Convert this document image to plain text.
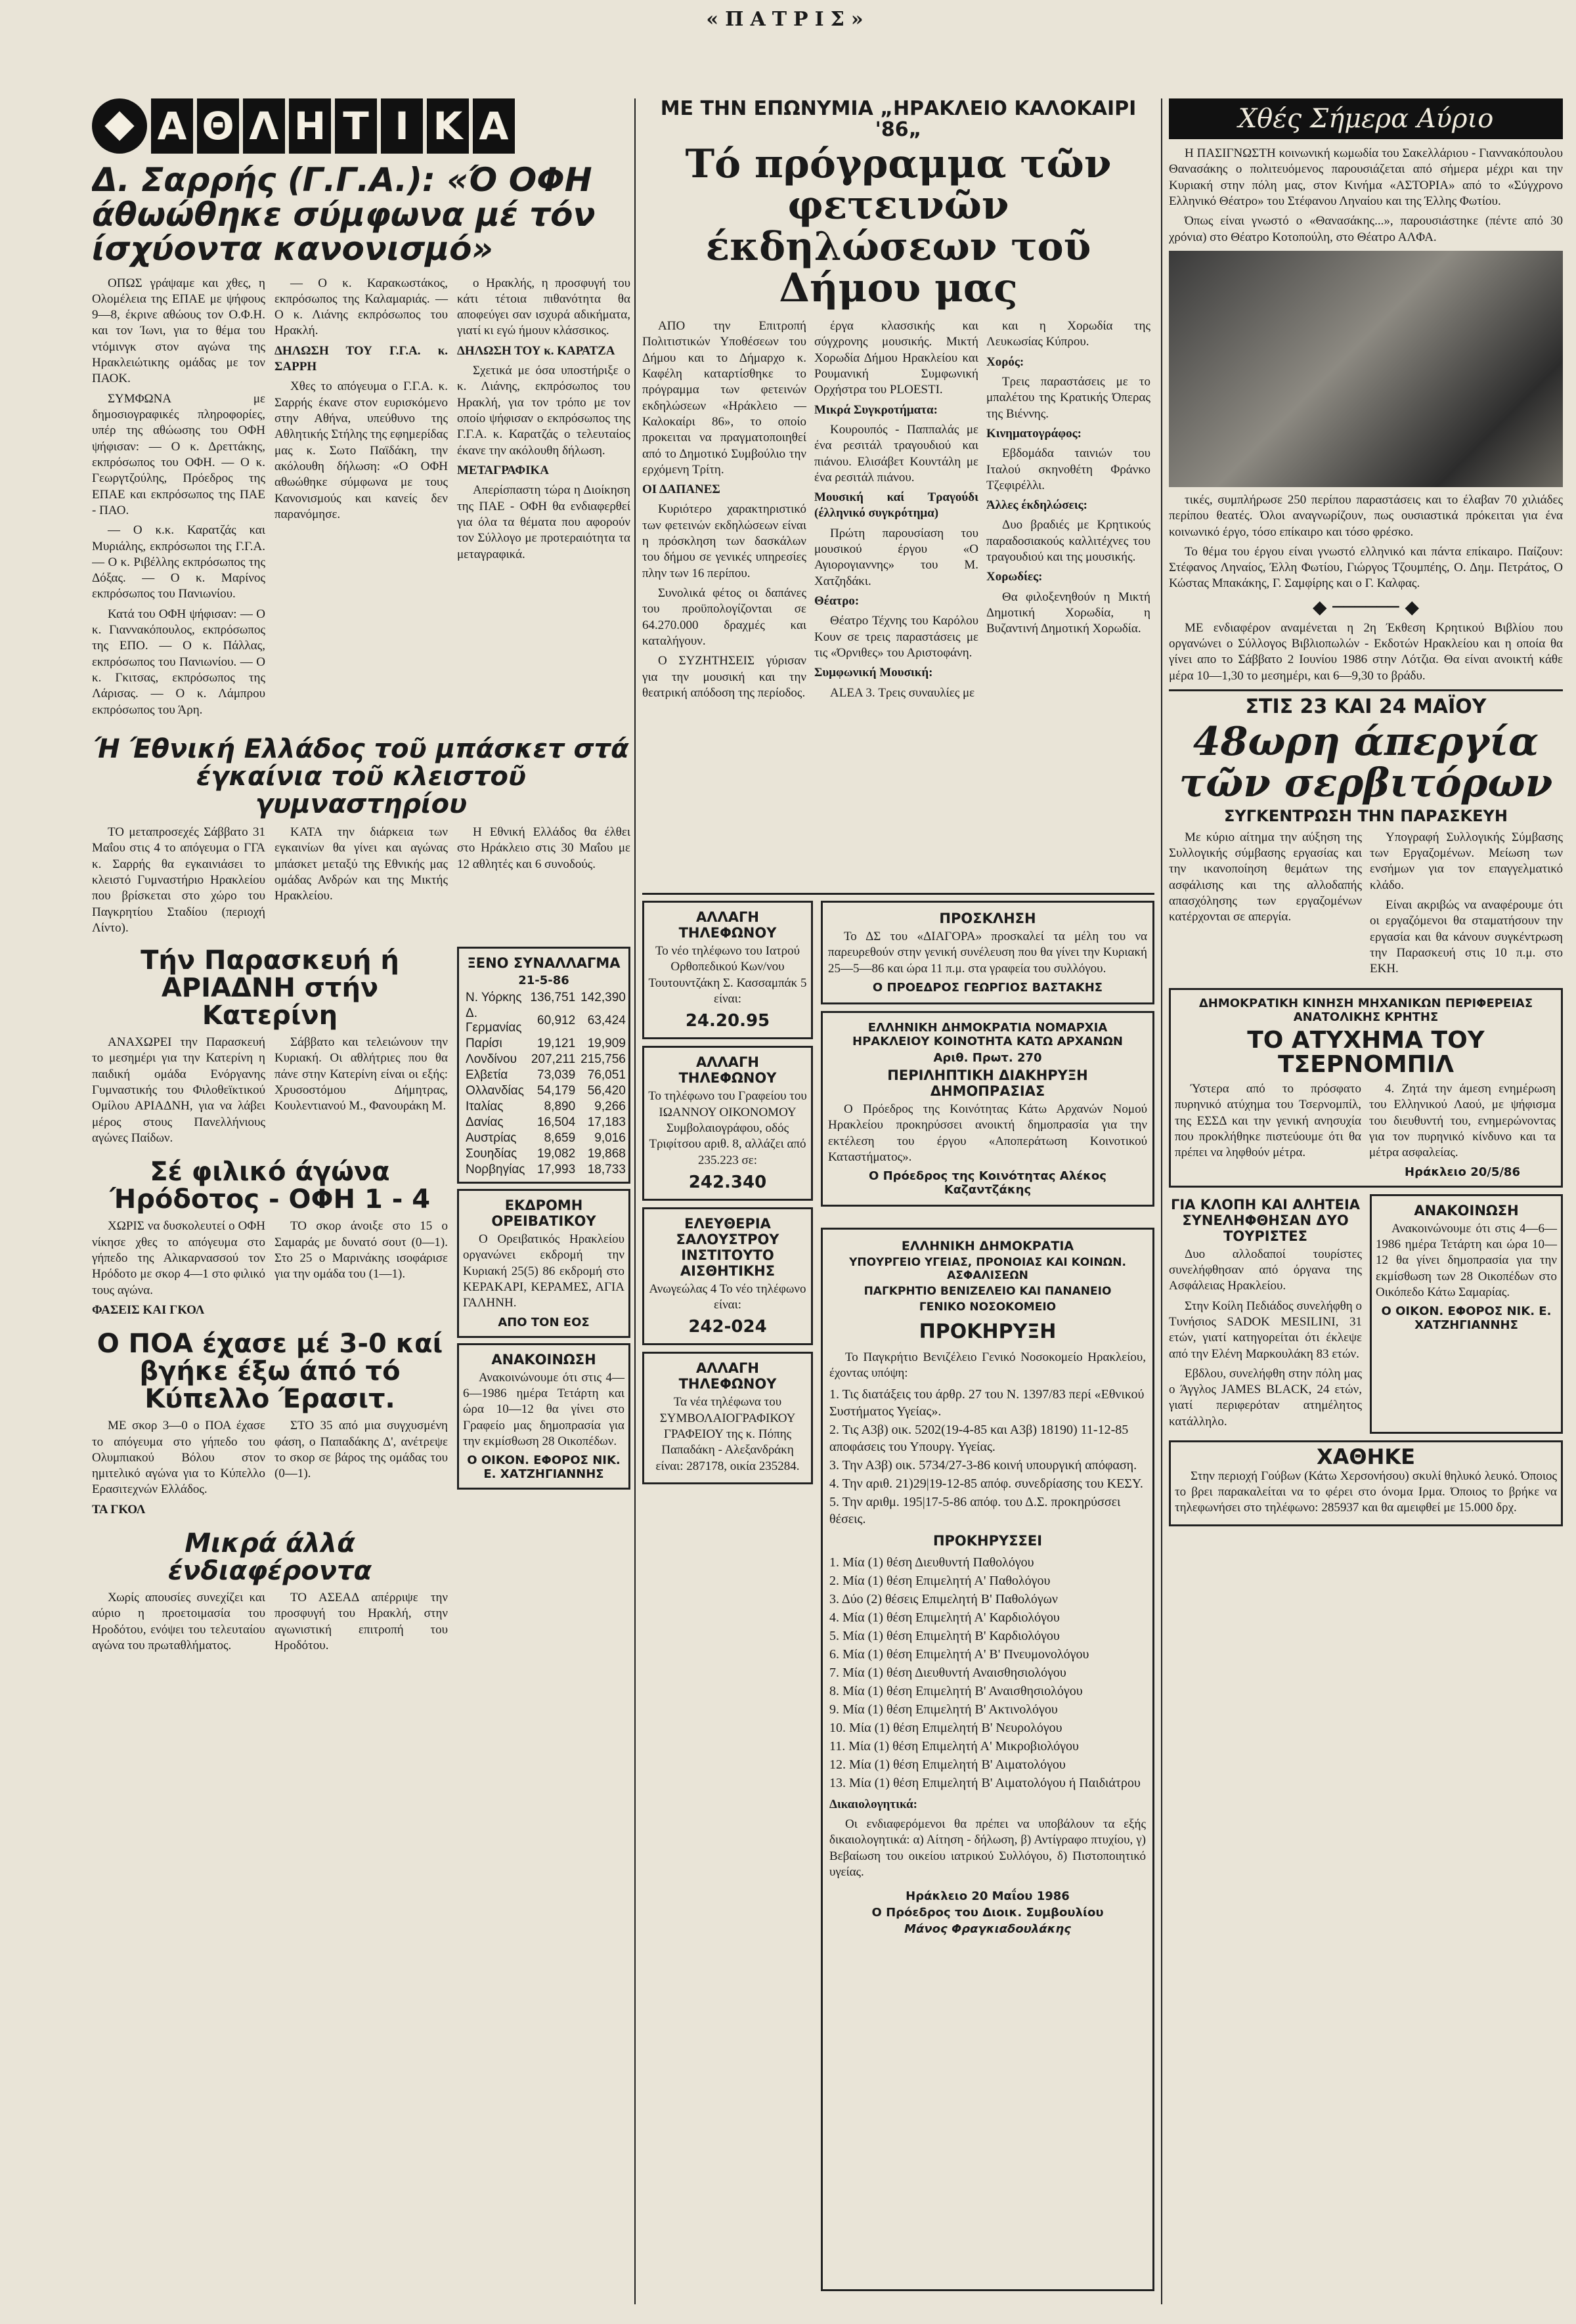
«ΠΑΤΡΙΣ»
Α Θ Λ Η Τ Ι Κ Α
Δ. Σαρρής (Γ.Γ.Α.): «Ό ΟΦΗ άθωώθηκε σύμφωνα μέ τόν ίσχύοντα κανονισμό»

ΟΠΩΣ γράψαμε και χθες, η Ολομέλεια της ΕΠΑΕ με ψήφους 9—8, έκρινε αθώους τον Ο.Φ.Η. και τον Ίωνι, για το θέμα του ντόμινγκ στον αγώνα της Ηρακλειώτικης ομάδας με τον ΠΑΟΚ.

ΣΥΜΦΩΝΑ με δημοσιογραφικές πληροφορίες, υπέρ της αθώωσης του ΟΦΗ ψήφισαν: — Ο κ. Δρεττάκης, εκπρόσωπος του ΟΦΗ. — Ο κ. Γεωργτζούλης, Πρόεδρος της ΕΠΑΕ και εκπρόσωπος της ΠΑΕ - ΠΑΟ.

— Ο κ.κ. Καρατζάς και Μυριάλης, εκπρόσωποι της Γ.Γ.Α. — Ο κ. Ριβέλλης εκπρόσωπος της Δόξας. — Ο κ. Μαρίνος εκπρόσωπος του Πανιωνίου.

Κατά του ΟΦΗ ψήφισαν: — Ο κ. Γιαννακόπουλος, εκπρόσωπος της ΕΠΟ. — Ο κ. Πάλλας, εκπρόσωπος του Πανιωνίου. — Ο κ. Γκιτσας, εκπρόσωπος της Λάρισας. — Ο κ. Λάμπρου εκπρόσωπος του Άρη.

— Ο κ. Καρακωστάκος, εκπρόσωπος της Καλαμαριάς. — Ο κ. Λιάνης εκπρόσωπος του Ηρακλή.

ΔΗΛΩΣΗ ΤΟΥ Γ.Γ.Α. κ. ΣΑΡΡΗ

Χθες το απόγευμα ο Γ.Γ.Α. κ. Σαρρής έκανε στον ευρισκόμενο στην Αθήνα, υπεύθυνο της Αθλητικής Στήλης της εφημερίδας μας κ. Σωτο Παϊδάκη, την ακόλουθη δήλωση: «Ο ΟΦΗ αθωώθηκε σύμφωνα με τους Κανονισμούς και κανείς δεν παρανόμησε.

ο Ηρακλής, η προσφυγή του κάτι τέτοια πιθανότητα θα αποφεύγει σαν ισχυρά αδικήματα, γιατί κι εγώ ήμουν κλάσσικος.

ΔΗΛΩΣΗ ΤΟΥ κ. ΚΑΡΑΤΖΑ

Σχετικά με όσα υποστήριξε ο κ. Λιάνης, εκπρόσωπος του Ηρακλή, για τον τρόπο με τον οποίο ψήφισαν ο εκπρόσωπος της Γ.Γ.Α. κ. Καρατζάς ο τελευταίος έκανε την ακόλουθη δήλωση.

ΜΕΤΑΓΡΑΦΙΚΑ

Απερίσπαστη τώρα η Διοίκηση της ΠΑΕ - ΟΦΗ θα ενδιαφερθεί για όλα τα θέματα που αφορούν τον Σύλλογο με προτεραιότητα τα μεταγραφικά.

Ή Έθνική Ελλάδος τοῦ μπάσκετ στά έγκαίνια τοῦ κλειστοῦ γυμναστηρίου

ΤΟ μεταπροσεχές Σάββατο 31 Μαΐου στις 4 το απόγευμα ο ΓΓΑ κ. Σαρρής θα εγκαινιάσει το κλειστό Γυμναστήριο Ηρακλείου που βρίσκεται στο χώρο του Παγκρητίου Σταδίου (περιοχή Λίντο).

ΚΑΤΑ την διάρκεια των εγκαινίων θα γίνει και αγώνας μπάσκετ μεταξύ της Εθνικής μας ομάδας Ανδρών και της Μικτής Ηρακλείου.

Η Εθνική Ελλάδος θα έλθει στο Ηράκλειο στις 30 Μαΐου με 12 αθλητές και 6 συνοδούς.

Τήν Παρασκευή ή ΑΡΙΑΔΝΗ στήν Κατερίνη

ΑΝΑΧΩΡΕΙ την Παρασκευή το μεσημέρι για την Κατερίνη η παιδική ομάδα Ενόργανης Γυμναστικής του Φιλοθεϊκτικού Ομίλου ΑΡΙΑΔΝΗ, για να λάβει μέρος στους Πανελλήνιους αγώνες Παίδων.

Σάββατο και τελειώνουν την Κυριακή. Οι αθλήτριες που θα πάνε στην Κατερίνη είναι οι εξής: Χρυσοστόμου Δήμητρας, Κουλεντιανού Μ., Φανουράκη Μ.

Σέ φιλικό άγώνα Ήρόδοτος - ΟΦΗ 1 - 4

ΧΩΡΙΣ να δυσκολευτεί ο ΟΦΗ νίκησε χθες το απόγευμα στο γήπεδο της Αλικαρνασσού τον Ηρόδοτο με σκορ 4—1 στο φιλικό τους αγώνα.

ΦΑΣΕΙΣ ΚΑΙ ΓΚΟΛ

ΤΟ σκορ άνοιξε στο 15 ο Σαμαράς με δυνατό σουτ (0—1). Στο 25 ο Μαρινάκης ισοφάρισε για την ομάδα του (1—1).

Ο ΠΟΑ έχασε μέ 3-0 καί βγήκε έξω άπό τό Κύπελλο Έρασιτ.

ΜΕ σκορ 3—0 ο ΠΟΑ έχασε το απόγευμα στο γήπεδο του Ολυμπιακού Βόλου στον ημιτελικό αγώνα για το Κύπελλο Ερασιτεχνών Ελλάδος.

ΤΑ ΓΚΟΛ

ΣΤΟ 35 από μια συγχυσμένη φάση, ο Παπαδάκης Δ', ανέτρεψε το σκορ σε βάρος της ομάδας του (0—1).

Μικρά άλλά ένδιαφέροντα

Χωρίς απουσίες συνεχίζει και αύριο η προετοιμασία του Ηροδότου, ενόψει του τελευταίου αγώνα του πρωταθλήματος.

ΤΟ ΑΣΕΑΔ απέρριψε την προσφυγή του Ηρακλή, στην αγωνιστική επιτροπή του Ηροδότου.

ΞΕΝΟ ΣΥΝΑΛΛΑΓΜΑ
21-5-86
Ν. Υόρκης	136,751	142,390
Δ. Γερμανίας	60,912	63,424
Παρίσι	19,121	19,909
Λονδίνου	207,211	215,756
Ελβετία	73,039	76,051
Ολλανδίας	54,179	56,420
Ιταλίας	8,890	9,266
Δανίας	16,504	17,183
Αυστρίας	8,659	9,016
Σουηδίας	19,082	19,868
Νορβηγίας	17,993	18,733
ΕΚΔΡΟΜΗ ΟΡΕΙΒΑΤΙΚΟΥ

Ο Ορειβατικός Ηρακλείου οργανώνει εκδρομή την Κυριακή 25(5) 86 εκδρομή στο ΚΕΡΑΚΑΡΙ, ΚΕΡΑΜΕΣ, ΑΓΙΑ ΓΑΛΗΝΗ.

ΑΠΟ ΤΟΝ ΕΟΣ
ΑΝΑΚΟΙΝΩΣΗ

Ανακοινώνουμε ότι στις 4—6—1986 ημέρα Τετάρτη και ώρα 10—12 θα γίνει στο Γραφείο μας δημοπρασία για την εκμίσθωση 28 Οικοπέδων.

Ο ΟΙΚΟΝ. ΕΦΟΡΟΣ ΝΙΚ. Ε. ΧΑΤΖΗΓΙΑΝΝΗΣ
ΜΕ ΤΗΝ ΕΠΩΝΥΜΙΑ „ΗΡΑΚΛΕΙΟ ΚΑΛΟΚΑΙΡΙ '86„
Τό πρόγραμμα τῶν φετεινῶν έκδηλώσεων τοῦ Δήμου μας

ΑΠΟ την Επιτροπή Πολιτιστικών Υποθέσεων του Δήμου και το Δήμαρχο κ. Καφέλη καταρτίσθηκε το πρόγραμμα των φετεινών εκδηλώσεων «Ηράκλειο — Καλοκαίρι 86», το οποίο προκειται να πραγματοποιηθεί από το Δημοτικό Συμβούλιο την ερχόμενη Τρίτη.

ΟΙ ΔΑΠΑΝΕΣ

Κυριότερο χαρακτηριστικό των φετεινών εκδηλώσεων είναι η πρόσκληση των δασκάλων του δήμου σε γενικές υπηρεσίες πλην των 16 περίπου.

Συνολικά φέτος οι δαπάνες του προϋπολογίζονται σε 64.270.000 δραχμές και καταλήγουν.

Ο ΣΥΖΗΤΗΣΕΙΣ γύρισαν για την μουσική και την θεατρική απόδοση της περίοδος.

έργα κλασσικής και σύγχρονης μουσικής. Μικτή Χορωδία Δήμου Ηρακλείου και Ρουμανική Συμφωνική Ορχήστρα του PLOESTI.

Μικρά Συγκροτήματα:

Κουρουπός - Παππαλάς με ένα ρεσιτάλ τραγουδιού και πιάνου. Ελισάβετ Κουντάλη με ένα ρεσιτάλ πιάνου.

Μουσική καί Τραγούδι (έλληνικό συγκρότημα)

Πρώτη παρουσίαση του μουσικού έργου «Ο Αγιορογιαννης» του Μ. Χατζηδάκι.

Θέατρο:

Θέατρο Τέχνης του Καρόλου Κουν σε τρεις παραστάσεις με τις «Όρνιθες» του Αριστοφάνη.

Συμφωνική Μουσική:

ALEA 3. Τρεις συναυλίες με

και η Χορωδία της Λευκωσίας Κύπρου.

Χορός:

Τρεις παραστάσεις με το μπαλέτου της Κρατικής Όπερας της Βιέννης.

Κινηματογράφος:

Εβδομάδα ταινιών του Ιταλού σκηνοθέτη Φράνκο Τζεφιρέλλι.

Άλλες έκδηλώσεις:

Δυο βραδιές με Κρητικούς παραδοσιακούς καλλιτέχνες του τραγουδιού και της μουσικής.

Χορωδίες:

Θα φιλοξενηθούν η Μικτή Δημοτική Χορωδία, η Βυζαντινή Δημοτική Χορωδία.

ΑΛΛΑΓΗ ΤΗΛΕΦΩΝΟΥ

Το νέο τηλέφωνο του Ιατρού Ορθοπεδικού Κων/νου Τουτουντζάκη Σ. Κασσαμπάκ 5 είναι:

24.20.95
ΑΛΛΑΓΗ ΤΗΛΕΦΩΝΟΥ

Το τηλέφωνο του Γραφείου του ΙΩΑΝΝΟΥ ΟΙΚΟΝΟΜΟΥ Συμβολαιογράφου, οδός Τριφίτσου αριθ. 8, αλλάζει από 235.223 σε:

242.340
ΕΛΕΥΘΕΡΙΑ ΣΑΛΟΥΣΤΡΟΥ ΙΝΣΤΙΤΟΥΤΟ ΑΙΣΘΗΤΙΚΗΣ

Ανωγεώλας 4 Το νέο τηλέφωνο είναι:

242-024
ΑΛΛΑΓΗ ΤΗΛΕΦΩΝΟΥ

Τα νέα τηλέφωνα του ΣΥΜΒΟΛΑΙΟΓΡΑΦΙΚΟΥ ΓΡΑΦΕΙΟΥ της κ. Πόπης Παπαδάκη - Αλεξανδράκη είναι: 287178, οικία 235284.

ΠΡΟΣΚΛΗΣΗ

Το ΔΣ του «ΔΙΑΓΟΡΑ» προσκαλεί τα μέλη του να παρευρεθούν στην γενική συνέλευση που θα γίνει την Κυριακή 25—5—86 και ώρα 11 π.μ. στα γραφεία του συλλόγου.

Ο ΠΡΟΕΔΡΟΣ ΓΕΩΡΓΙΟΣ ΒΑΣΤΑΚΗΣ
ΕΛΛΗΝΙΚΗ ΔΗΜΟΚΡΑΤΙΑ ΝΟΜΑΡΧΙΑ ΗΡΑΚΛΕΙΟΥ ΚΟΙΝΟΤΗΤΑ ΚΑΤΩ ΑΡΧΑΝΩΝ
Αριθ. Πρωτ. 270
ΠΕΡΙΛΗΠΤΙΚΗ ΔΙΑΚΗΡΥΞΗ ΔΗΜΟΠΡΑΣΙΑΣ

Ο Πρόεδρος της Κοινότητας Κάτω Αρχανών Νομού Ηρακλείου προκηρύσσει ανοικτή δημοπρασία για την εκτέλεση του έργου «Αποπεράτωση Κοινοτικού Καταστήματος».

Ο Πρόεδρος της Κοινότητας Αλέκος Καζαντζάκης
ΕΛΛΗΝΙΚΗ ΔΗΜΟΚΡΑΤΙΑ
ΥΠΟΥΡΓΕΙΟ ΥΓΕΙΑΣ, ΠΡΟΝΟΙΑΣ ΚΑΙ ΚΟΙΝΩΝ. ΑΣΦΑΛΙΣΕΩΝ
ΠΑΓΚΡΗΤΙΟ ΒΕΝΙΖΕΛΕΙΟ ΚΑΙ ΠΑΝΑΝΕΙΟ
ΓΕΝΙΚΟ ΝΟΣΟΚΟΜΕΙΟ
ΠΡΟΚΗΡΥΞΗ

Το Παγκρήτιο Βενιζέλειο Γενικό Νοσοκομείο Ηρακλείου, έχοντας υπόψη:

1. Τις διατάξεις του άρθρ. 27 του Ν. 1397/83 περί «Εθνικού Συστήματος Υγείας».
2. Τις Α3β) οικ. 5202(19-4-85 και Α3β) 18190) 11-12-85 αποφάσεις του Υπουργ. Υγείας.
3. Την Α3β) οικ. 5734/27-3-86 κοινή υπουργική απόφαση.
4. Την αριθ. 21)29|19-12-85 απόφ. συνεδρίασης του ΚΕΣΥ.
5. Την αριθμ. 195|17-5-86 απόφ. του Δ.Σ. προκηρύσσει θέσεις.
ΠΡΟΚΗΡΥΣΣΕΙ
1. Μία (1) θέση Διευθυντή Παθολόγου
2. Μία (1) θέση Επιμελητή Α' Παθολόγου
3. Δύο (2) θέσεις Επιμελητή Β' Παθολόγων
4. Μία (1) θέση Επιμελητή Α' Καρδιολόγου
5. Μία (1) θέση Επιμελητή Β' Καρδιολόγου
6. Μία (1) θέση Επιμελητή Α' Β' Πνευμονολόγου
7. Μία (1) θέση Διευθυντή Αναισθησιολόγου
8. Μία (1) θέση Επιμελητή Β' Αναισθησιολόγου
9. Μία (1) θέση Επιμελητή Β' Ακτινολόγου
10. Μία (1) θέση Επιμελητή Β' Νευρολόγου
11. Μία (1) θέση Επιμελητή Α' Μικροβιολόγου
12. Μία (1) θέση Επιμελητή Β' Αιματολόγου
13. Μία (1) θέση Επιμελητή Β' Αιματολόγου ή Παιδιάτρου

Δικαιολογητικά:

Οι ενδιαφερόμενοι θα πρέπει να υποβάλουν τα εξής δικαιολογητικά: α) Αίτηση - δήλωση, β) Αντίγραφο πτυχίου, γ) Βεβαίωση του οικείου ιατρικού Συλλόγου, δ) Πιστοποιητικό υγείας.

Ηράκλειο 20 Μαΐου 1986
Ο Πρόεδρος του Διοικ. Συμβουλίου
Μάνος Φραγκιαδουλάκης
Χθές Σήμερα Αύριο

Η ΠΑΣΙΓΝΩΣΤΗ κοινωνική κωμωδία του Σακελλάριου - Γιαννακόπουλου Θανασάκης ο πολιτευόμενος παρουσιάζεται από σήμερα μέχρι και την Κυριακή στην πόλη μας, στον Κινήμα «ΑΣΤΟΡΙΑ» από το «Σύγχρονο Ελληνικό Θέατρο» του Στέφανου Ληναίου και της Έλλης Φωτίου.

Όπως είναι γνωστό ο «Θανασάκης...», παρουσιάστηκε (πέντε από 30 χρόνια) στο Θέατρο Κοτοπούλη, στο Θέατρο ΑΛΦΑ.

τικές, συμπλήρωσε 250 περίπου παραστάσεις και το έλαβαν 70 χιλιάδες περίπου θεατές. Όλοι αναγνωρίζουν, πως ουσιαστικά πρόκειται για ένα κοινωνικό έργο, τόσο επίκαιρο και τόσο φρέσκο.

Το θέμα του έργου είναι γνωστό ελληνικό και πάντα επίκαιρο. Παίζουν: Στέφανος Ληναίος, Έλλη Φωτίου, Γιώργος Τζουμπέης, Ο. Δημ. Πετράτος, Ο Κώστας Μπακάκης, Γ. Σαμφίρης και ο Γ. Καλφας.

◆ ────── ◆

ΜΕ ενδιαφέρον αναμένεται η 2η Έκθεση Κρητικού Βιβλίου που οργανώνει ο Σύλλογος Βιβλιοπωλών - Εκδοτών Ηρακλείου και η οποία θα γίνει απο το Σάββατο 2 Ιουνίου 1986 στην Λότζια. Θα είναι ανοικτή κάθε μέρα 10—1,30 το μεσημέρι, και 6—9,30 το βράδυ.

ΣΤΙΣ 23 ΚΑΙ 24 ΜΑΪΟΥ
48ωρη άπεργία τῶν σερβιτόρων
ΣΥΓΚΕΝΤΡΩΣΗ ΤΗΝ ΠΑΡΑΣΚΕΥΗ

Με κύριο αίτημα την αύξηση της Συλλογικής σύμβασης εργασίας και την ικανοποίηση θεμάτων της ασφάλισης και της αλλοδαπής απασχόλησης των εργαζομένων κατέρχονται σε απεργία.

Υπογραφή Συλλογικής Σύμβασης των Εργαζομένων. Μείωση των ενσήμων για τον επαγγελματικό κλάδο.

Είναι ακριβώς να αναφέρουμε ότι οι εργαζόμενοι θα σταματήσουν την εργασία και θα κάνουν συγκέντρωση την Παρασκευή στις 10 π.μ. στο ΕΚΗ.

ΔΗΜΟΚΡΑΤΙΚΗ ΚΙΝΗΣΗ ΜΗΧΑΝΙΚΩΝ ΠΕΡΙΦΕΡΕΙΑΣ ΑΝΑΤΟΛΙΚΗΣ ΚΡΗΤΗΣ
ΤΟ ΑΤΥΧΗΜΑ ΤΟΥ ΤΣΕΡΝΟΜΠΙΛ

Ύστερα από το πρόσφατο πυρηνικό ατύχημα του Τσερνομπίλ, της ΕΣΣΔ και την γενική ανησυχία που προκλήθηκε πιστεύουμε ότι θα πρέπει να ληφθούν μέτρα.

4. Ζητά την άμεση ενημέρωση του Ελληνικού Λαού, με ψήφισμα του διευθυντή του, ενημερώνοντας για τον πυρηνικό κίνδυνο και τα μέτρα ασφαλείας.

Ηράκλειο 20/5/86
ΓΙΑ ΚΛΟΠΗ ΚΑΙ ΑΛΗΤΕΙΑ ΣΥΝΕΛΗΦΘΗΣΑΝ ΔΥΟ ΤΟΥΡΙΣΤΕΣ

Δυο αλλοδαποί τουρίστες συνελήφθησαν από όργανα της Ασφάλειας Ηρακλείου.

Στην Κοίλη Πεδιάδος συνελήφθη ο Τυνήσιος SADOK MESILINI, 31 ετών, γιατί κατηγορείται ότι έκλεψε από την Ελένη Μαρκουλάκη 83 ετών.

Εβδλου, συνελήφθη στην πόλη μας ο Άγγλος JAMES BLACK, 24 ετών, γιατί περιφερόταν ατημέλητος κατάλληλο.

ΑΝΑΚΟΙΝΩΣΗ

Ανακοινώνουμε ότι στις 4—6—1986 ημέρα Τετάρτη και ώρα 10—12 θα γίνει δημοπρασία για την εκμίσθωση των 28 Οικοπέδων στο Οικόπεδο Κάτω Σαμαρίας.

Ο ΟΙΚΟΝ. ΕΦΟΡΟΣ ΝΙΚ. Ε. ΧΑΤΖΗΓΙΑΝΝΗΣ
ΧΑΘΗΚΕ

Στην περιοχή Γούβων (Κάτω Χερσονήσου) σκυλί θηλυκό λευκό. Όποιος το βρει παρακαλείται να το φέρει στο όνομα Ιρμα. Όποιος το βρήκε να τηλεφωνήσει στο τηλέφωνο: 285937 και θα αμειφθεί με 15.000 δρχ.
